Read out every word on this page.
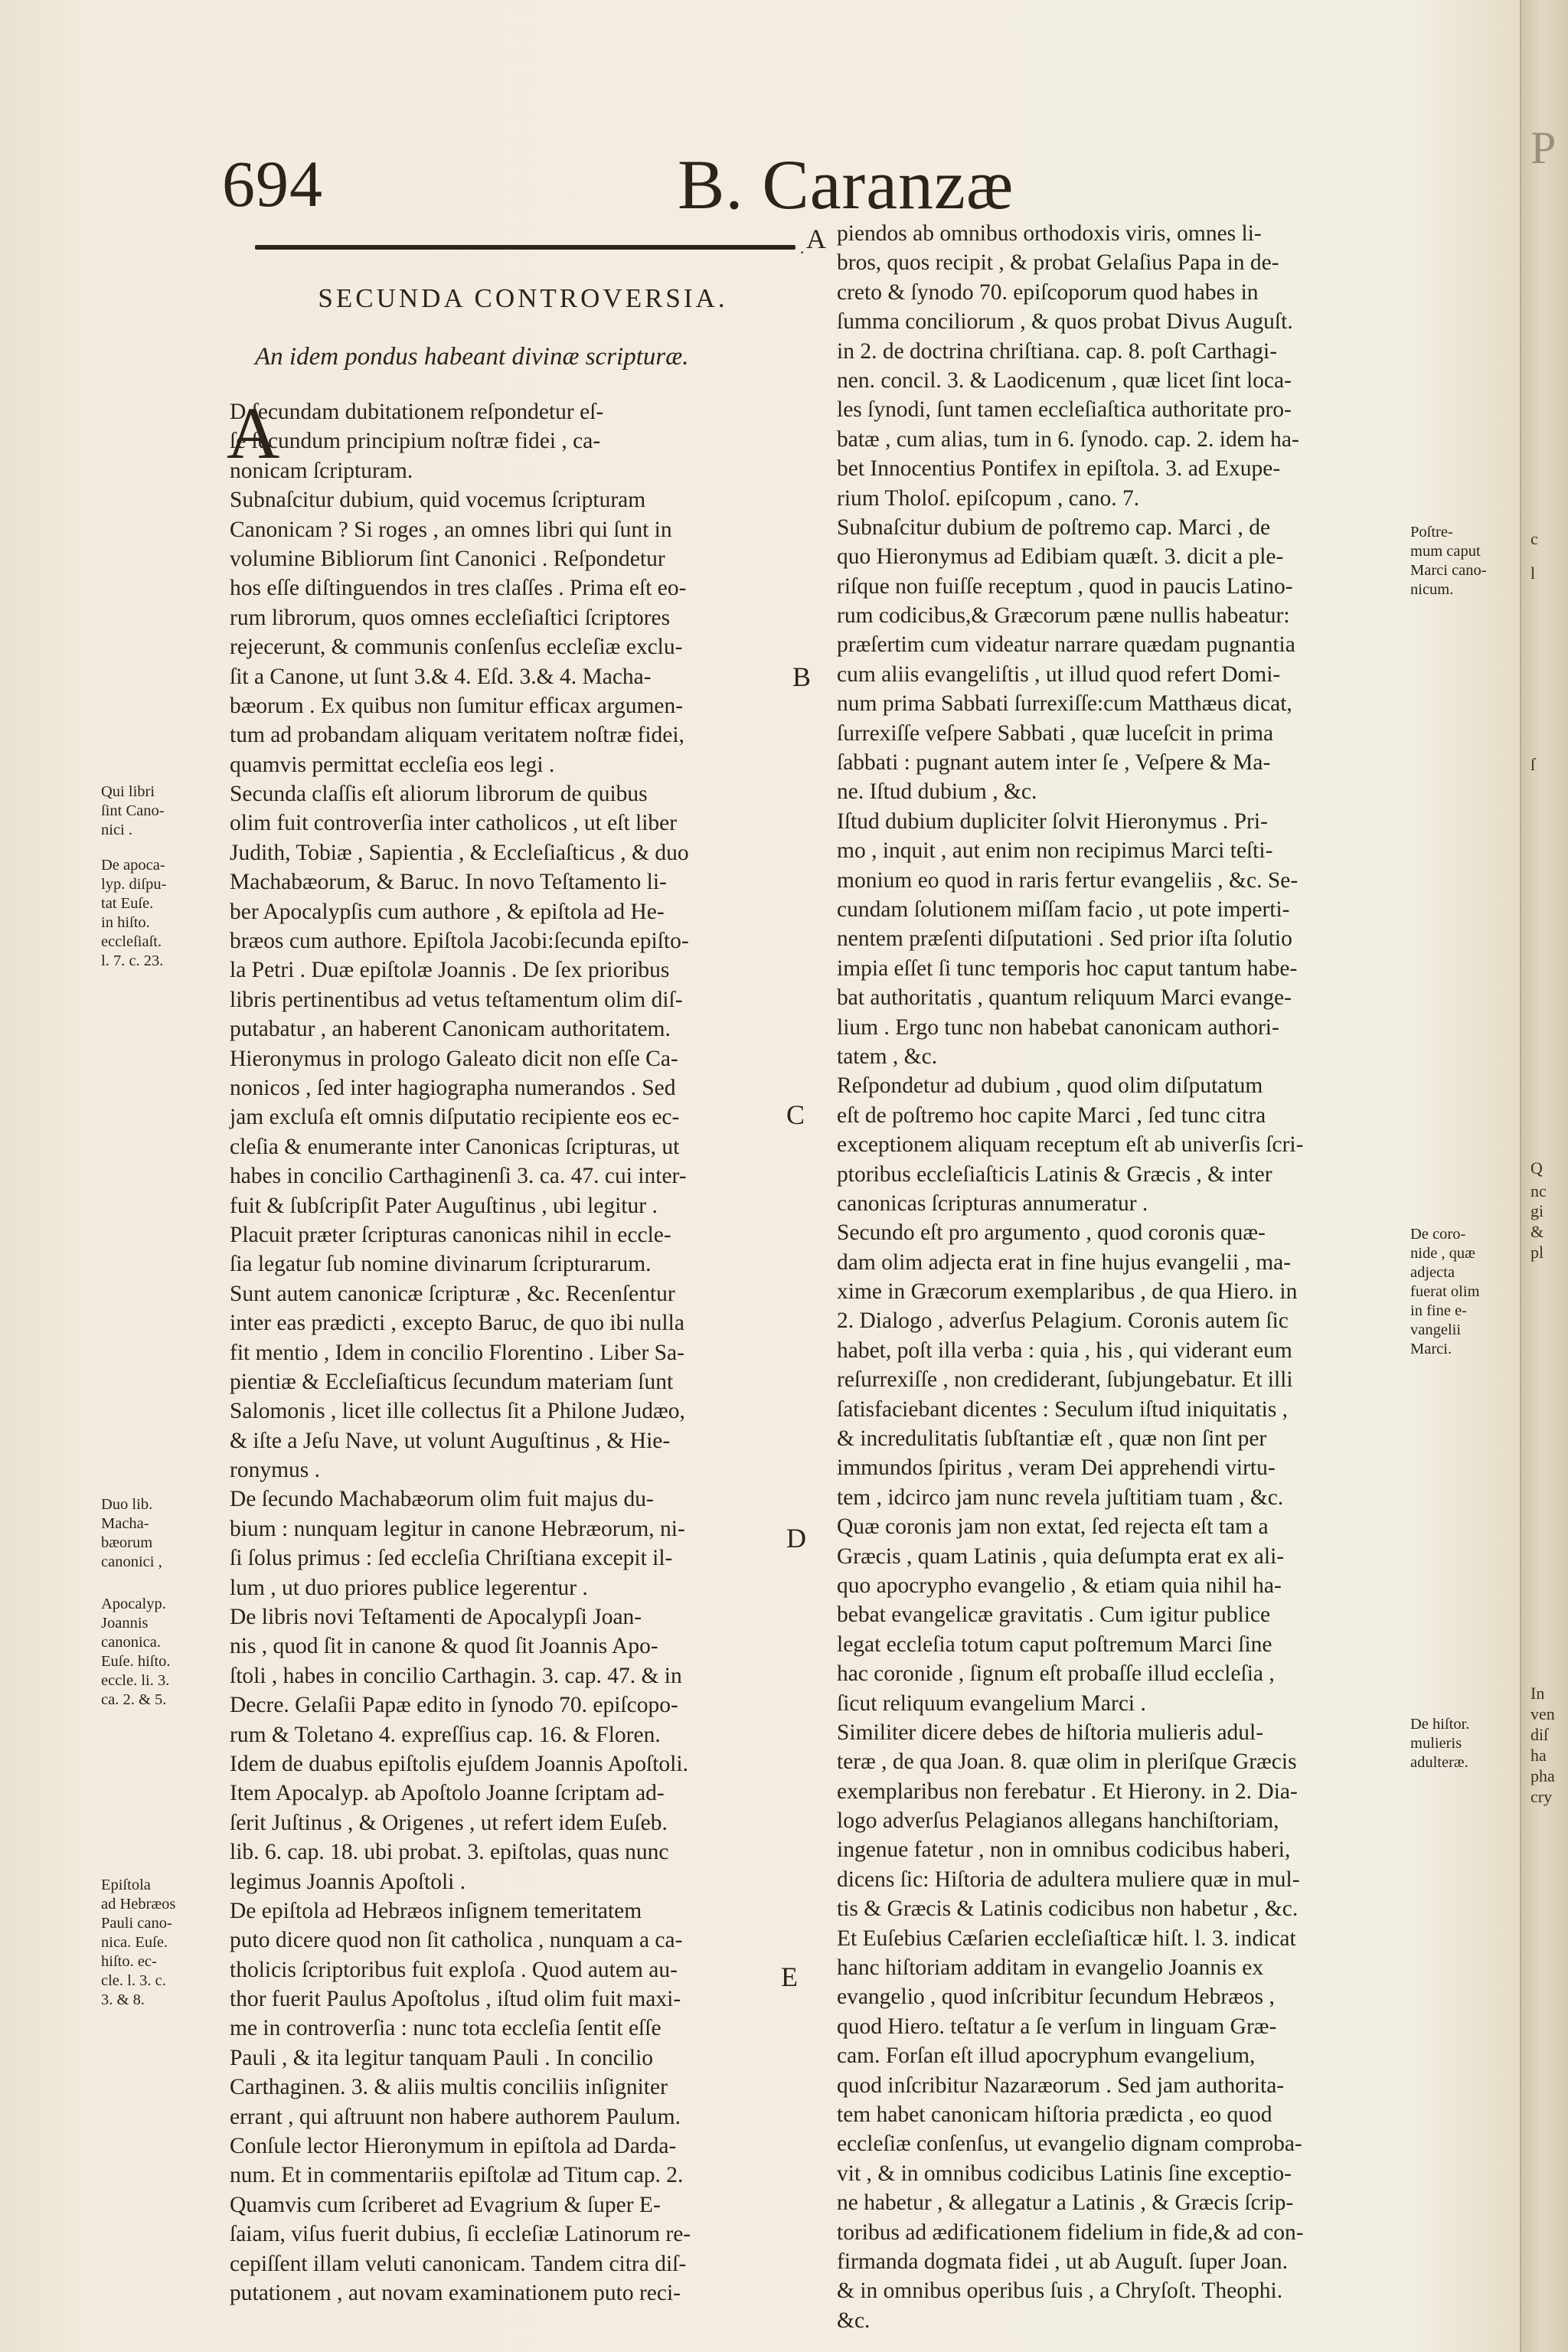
694	B. Caranzæ
· A
B
C
D
E
SECUNDA CONTROVERSIA.
An idem pondus habeant divinæ scripturæ.
A
D ſecundam dubitationem reſpondetur eſ-
ſe ſecundum principium noſtræ fidei , ca-
nonicam ſcripturam.
Subnaſcitur dubium, quid vocemus ſcripturam
Canonicam ? Si roges , an omnes libri qui ſunt in
volumine Bibliorum ſint Canonici . Reſpondetur
hos eſſe diſtinguendos in tres claſſes . Prima eſt eo-
rum librorum, quos omnes eccleſiaſtici ſcriptores
rejecerunt, & communis conſenſus eccleſiæ exclu-
ſit a Canone, ut ſunt 3.& 4. Eſd. 3.& 4. Macha-
bæorum . Ex quibus non ſumitur efficax argumen-
tum ad probandam aliquam veritatem noſtræ fidei,
quamvis permittat eccleſia eos legi .
Secunda claſſis eſt aliorum librorum de quibus
olim fuit controverſia inter catholicos , ut eſt liber
Judith, Tobiæ , Sapientia , & Eccleſiaſticus , & duo
Machabæorum, & Baruc. In novo Teſtamento li-
ber Apocalypſis cum authore , & epiſtola ad He-
bræos cum authore. Epiſtola Jacobi:ſecunda epiſto-
la Petri . Duæ epiſtolæ Joannis . De ſex prioribus
libris pertinentibus ad vetus teſtamentum olim diſ-
putabatur , an haberent Canonicam authoritatem.
Hieronymus in prologo Galeato dicit non eſſe Ca-
nonicos , ſed inter hagiographa numerandos . Sed
jam excluſa eſt omnis diſputatio recipiente eos ec-
cleſia & enumerante inter Canonicas ſcripturas, ut
habes in concilio Carthaginenſi 3. ca. 47. cui inter-
fuit & ſubſcripſit Pater Auguſtinus , ubi legitur .
Placuit præter ſcripturas canonicas nihil in eccle-
ſia legatur ſub nomine divinarum ſcripturarum.
Sunt autem canonicæ ſcripturæ , &c. Recenſentur
inter eas prædicti , excepto Baruc, de quo ibi nulla
fit mentio , Idem in concilio Florentino . Liber Sa-
pientiæ & Eccleſiaſticus ſecundum materiam ſunt
Salomonis , licet ille collectus ſit a Philone Judæo,
& iſte a Jeſu Nave, ut volunt Auguſtinus , & Hie-
ronymus .
De ſecundo Machabæorum olim fuit majus du-
bium : nunquam legitur in canone Hebræorum, ni-
ſi ſolus primus : ſed eccleſia Chriſtiana excepit il-
lum , ut duo priores publice legerentur .
De libris novi Teſtamenti de Apocalypſi Joan-
nis , quod ſit in canone & quod ſit Joannis Apo-
ſtoli , habes in concilio Carthagin. 3. cap. 47. & in
Decre. Gelaſii Papæ edito in ſynodo 70. epiſcopo-
rum & Toletano 4. expreſſius cap. 16. & Floren.
Idem de duabus epiſtolis ejuſdem Joannis Apoſtoli.
Item Apocalyp. ab Apoſtolo Joanne ſcriptam ad-
ſerit Juſtinus , & Origenes , ut refert idem Euſeb.
lib. 6. cap. 18. ubi probat. 3. epiſtolas, quas nunc
legimus Joannis Apoſtoli .
De epiſtola ad Hebræos inſignem temeritatem
puto dicere quod non ſit catholica , nunquam a ca-
tholicis ſcriptoribus fuit exploſa . Quod autem au-
thor fuerit Paulus Apoſtolus , iſtud olim fuit maxi-
me in controverſia : nunc tota eccleſia ſentit eſſe
Pauli , & ita legitur tanquam Pauli . In concilio
Carthaginen. 3. & aliis multis conciliis inſigniter
errant , qui aſtruunt non habere authorem Paulum.
Conſule lector Hieronymum in epiſtola ad Darda-
num. Et in commentariis epiſtolæ ad Titum cap. 2.
Quamvis cum ſcriberet ad Evagrium & ſuper E-
ſaiam, viſus fuerit dubius, ſi eccleſiæ Latinorum re-
cepiſſent illam veluti canonicam. Tandem citra diſ-
putationem , aut novam examinationem puto reci-
piendos ab omnibus orthodoxis viris, omnes li-
bros, quos recipit , & probat Gelaſius Papa in de-
creto & ſynodo 70. epiſcoporum quod habes in
ſumma conciliorum , & quos probat Divus Auguſt.
in 2. de doctrina chriſtiana. cap. 8. poſt Carthagi-
nen. concil. 3. & Laodicenum , quæ licet ſint loca-
les ſynodi, ſunt tamen eccleſiaſtica authoritate pro-
batæ , cum alias, tum in 6. ſynodo. cap. 2. idem ha-
bet Innocentius Pontifex in epiſtola. 3. ad Exupe-
rium Tholoſ. epiſcopum , cano. 7.
Subnaſcitur dubium de poſtremo cap. Marci , de
quo Hieronymus ad Edibiam quæſt. 3. dicit a ple-
riſque non fuiſſe receptum , quod in paucis Latino-
rum codicibus,& Græcorum pæne nullis habeatur:
præſertim cum videatur narrare quædam pugnantia
cum aliis evangeliſtis , ut illud quod refert Domi-
num prima Sabbati ſurrexiſſe:cum Matthæus dicat,
ſurrexiſſe veſpere Sabbati , quæ luceſcit in prima
ſabbati : pugnant autem inter ſe , Veſpere & Ma-
ne. Iſtud dubium , &c.
Iſtud dubium dupliciter ſolvit Hieronymus . Pri-
mo , inquit , aut enim non recipimus Marci teſti-
monium eo quod in raris fertur evangeliis , &c. Se-
cundam ſolutionem miſſam facio , ut pote imperti-
nentem præſenti diſputationi . Sed prior iſta ſolutio
impia eſſet ſi tunc temporis hoc caput tantum habe-
bat authoritatis , quantum reliquum Marci evange-
lium . Ergo tunc non habebat canonicam authori-
tatem , &c.
Reſpondetur ad dubium , quod olim diſputatum
eſt de poſtremo hoc capite Marci , ſed tunc citra
exceptionem aliquam receptum eſt ab univerſis ſcri-
ptoribus eccleſiaſticis Latinis & Græcis , & inter
canonicas ſcripturas annumeratur .
Secundo eſt pro argumento , quod coronis quæ-
dam olim adjecta erat in fine hujus evangelii , ma-
xime in Græcorum exemplaribus , de qua Hiero. in
2. Dialogo , adverſus Pelagium. Coronis autem ſic
habet, poſt illa verba : quia , his , qui viderant eum
reſurrexiſſe , non crediderant, ſubjungebatur. Et illi
ſatisfaciebant dicentes : Seculum iſtud iniquitatis ,
& incredulitatis ſubſtantiæ eſt , quæ non ſint per
immundos ſpiritus , veram Dei apprehendi virtu-
tem , idcirco jam nunc revela juſtitiam tuam , &c.
Quæ coronis jam non extat, ſed rejecta eſt tam a
Græcis , quam Latinis , quia deſumpta erat ex ali-
quo apocrypho evangelio , & etiam quia nihil ha-
bebat evangelicæ gravitatis . Cum igitur publice
legat eccleſia totum caput poſtremum Marci ſine
hac coronide , ſignum eſt probaſſe illud eccleſia ,
ſicut reliquum evangelium Marci .
Similiter dicere debes de hiſtoria mulieris adul-
teræ , de qua Joan. 8. quæ olim in pleriſque Græcis
exemplaribus non ferebatur . Et Hierony. in 2. Dia-
logo adverſus Pelagianos allegans hanchiſtoriam,
ingenue fatetur , non in omnibus codicibus haberi,
dicens ſic: Hiſtoria de adultera muliere quæ in mul-
tis & Græcis & Latinis codicibus non habetur , &c.
Et Euſebius Cæſarien eccleſiaſticæ hiſt. l. 3. indicat
hanc hiſtoriam additam in evangelio Joannis ex
evangelio , quod inſcribitur ſecundum Hebræos ,
quod Hiero. teſtatur a ſe verſum in linguam Græ-
cam. Forſan eſt illud apocryphum evangelium,
quod inſcribitur Nazaræorum . Sed jam authorita-
tem habet canonicam hiſtoria prædicta , eo quod
eccleſiæ conſenſus, ut evangelio dignam comproba-
vit , & in omnibus codicibus Latinis ſine exceptio-
ne habetur , & allegatur a Latinis , & Græcis ſcrip-
toribus ad ædificationem fidelium in fide,& ad con-
firmanda dogmata fidei , ut ab Auguſt. ſuper Joan.
& in omnibus operibus ſuis , a Chryſoſt. Theophi.
&c.
Qui libri
ſint Cano-
nici .
De apoca-
lyp. diſpu-
tat Euſe.
in hiſto.
eccleſiaſt.
l. 7. c. 23.
Duo lib.
Macha-
bæorum
canonici ,
Apocalyp.
Joannis
canonica.
Euſe. hiſto.
eccle. li. 3.
ca. 2. & 5.
Epiſtola
ad Hebræos
Pauli cano-
nica. Euſe.
hiſto. ec-
cle. l. 3. c.
3. & 8.
Poſtre-
mum caput
Marci cano-
nicum.
De coro-
nide , quæ
adjecta
fuerat olim
in fine e-
vangelii
Marci.
De hiſtor.
mulieris
adulteræ.
P
c
l
ſ
Q
nc
gi
&
pl
In
ven
diſ
ha
pha
cry
